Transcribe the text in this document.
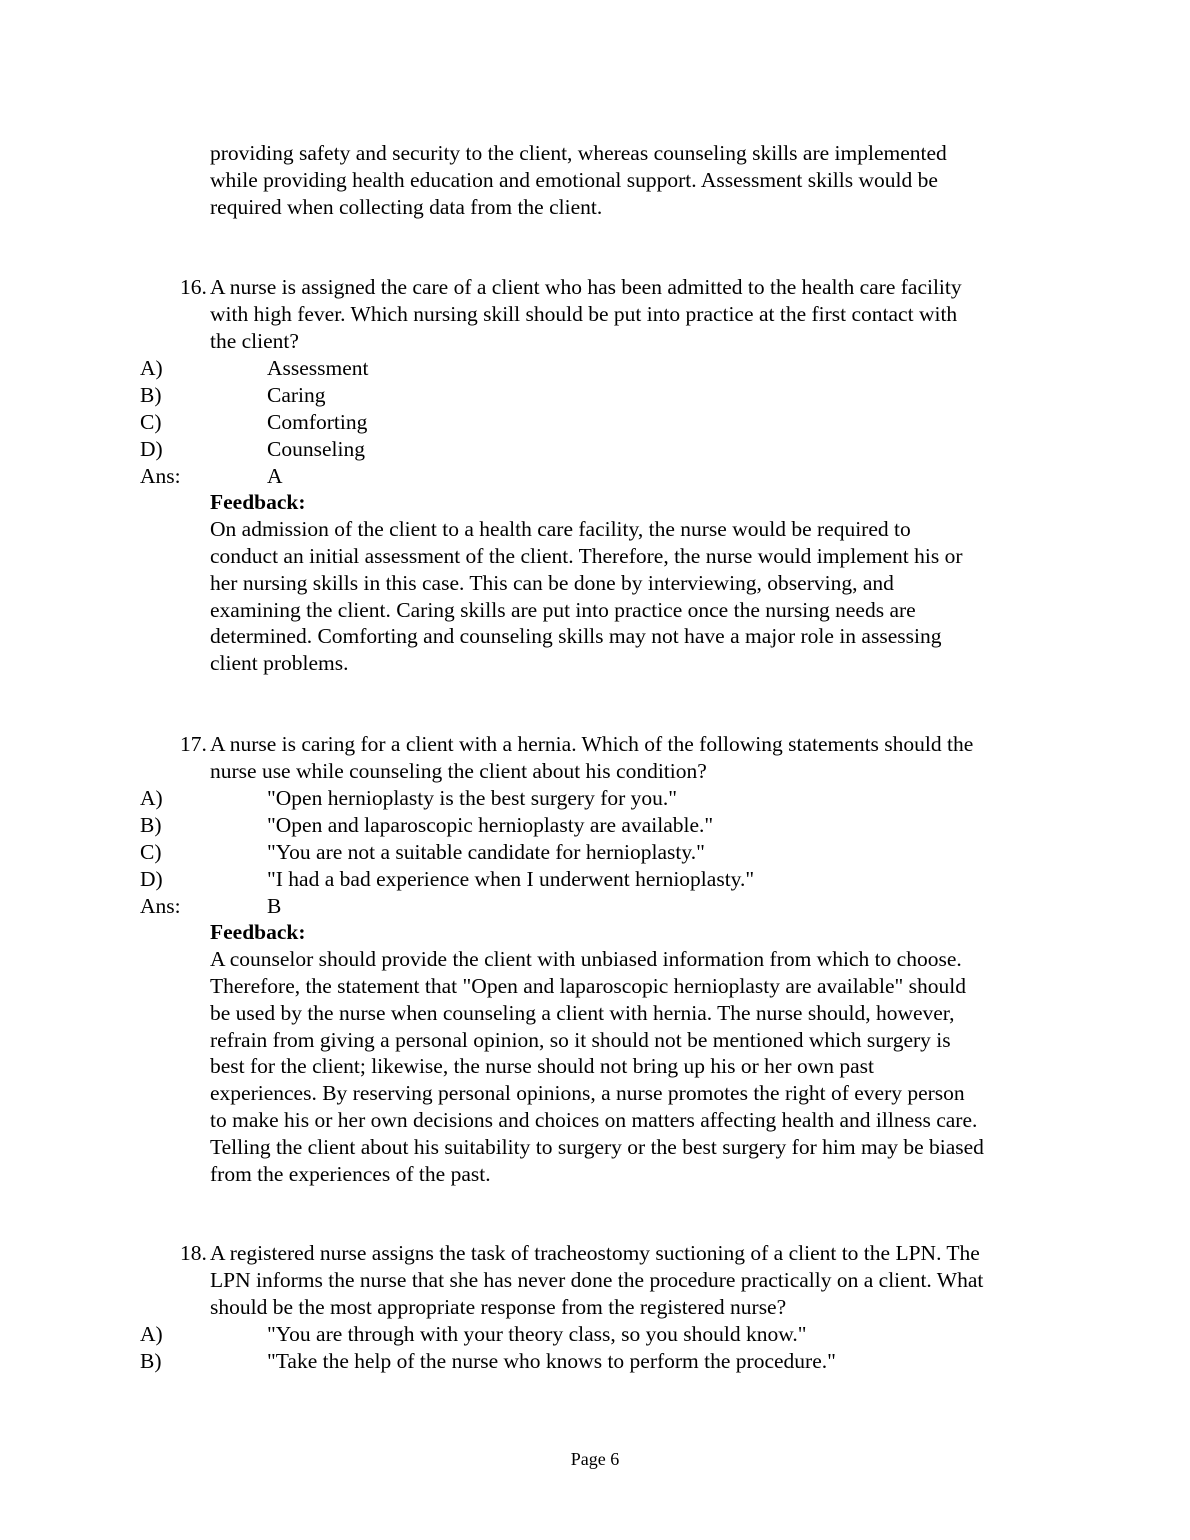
providing safety and security to the client, whereas counseling skills are implemented
while providing health education and emotional support. Assessment skills would be
required when collecting data from the client.
16. A nurse is assigned the care of a client who has been admitted to the health care facility
with high fever. Which nursing skill should be put into practice at the first contact with
the client?
A)	Assessment
B)	Caring
C)	Comforting
D)	Counseling
Ans:	A
Feedback:
On admission of the client to a health care facility, the nurse would be required to
conduct an initial assessment of the client. Therefore, the nurse would implement his or
her nursing skills in this case. This can be done by interviewing, observing, and
examining the client. Caring skills are put into practice once the nursing needs are
determined. Comforting and counseling skills may not have a major role in assessing
client problems.
17. A nurse is caring for a client with a hernia. Which of the following statements should the
nurse use while counseling the client about his condition?
A)	"Open hernioplasty is the best surgery for you."
B)	"Open and laparoscopic hernioplasty are available."
C)	"You are not a suitable candidate for hernioplasty."
D)	"I had a bad experience when I underwent hernioplasty."
Ans:	B
Feedback:
A counselor should provide the client with unbiased information from which to choose.
Therefore, the statement that "Open and laparoscopic hernioplasty are available" should
be used by the nurse when counseling a client with hernia. The nurse should, however,
refrain from giving a personal opinion, so it should not be mentioned which surgery is
best for the client; likewise, the nurse should not bring up his or her own past
experiences. By reserving personal opinions, a nurse promotes the right of every person
to make his or her own decisions and choices on matters affecting health and illness care.
Telling the client about his suitability to surgery or the best surgery for him may be biased
from the experiences of the past.
18. A registered nurse assigns the task of tracheostomy suctioning of a client to the LPN. The
LPN informs the nurse that she has never done the procedure practically on a client. What
should be the most appropriate response from the registered nurse?
A)	"You are through with your theory class, so you should know."
B)	"Take the help of the nurse who knows to perform the procedure."
Page 6
